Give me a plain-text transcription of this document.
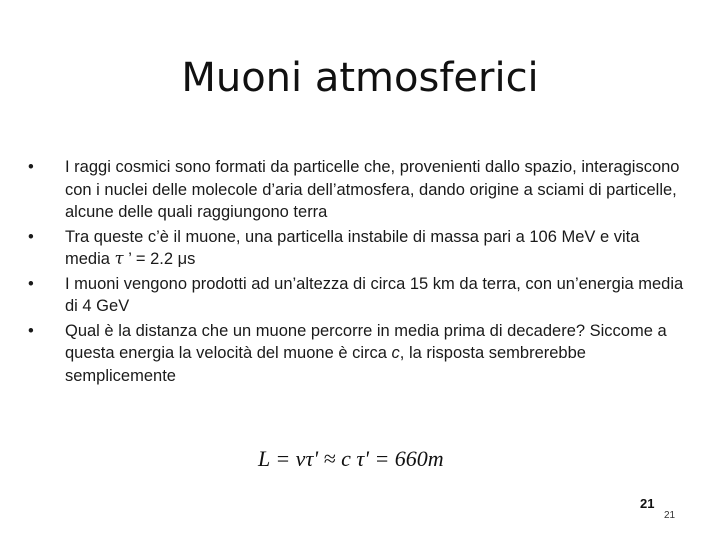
Muoni atmosferici
•	I raggi cosmici sono formati da particelle che, provenienti dallo spazio, interagiscono con i nuclei delle molecole d’aria dell’atmosfera, dando origine a sciami di particelle, alcune delle quali raggiungono terra
•	Tra queste c’è il muone, una particella instabile di massa pari a 106 MeV e vita media τ ’ = 2.2 μs
•	I muoni vengono prodotti ad un’altezza di circa 15 km da terra, con un’energia media di 4 GeV
•	Qual è la distanza che un muone percorre in media prima di decadere? Siccome a questa energia la velocità del muone è circa c, la risposta sembrerebbe semplicemente
L = vτ' ≈ c τ' = 660m
21
21
